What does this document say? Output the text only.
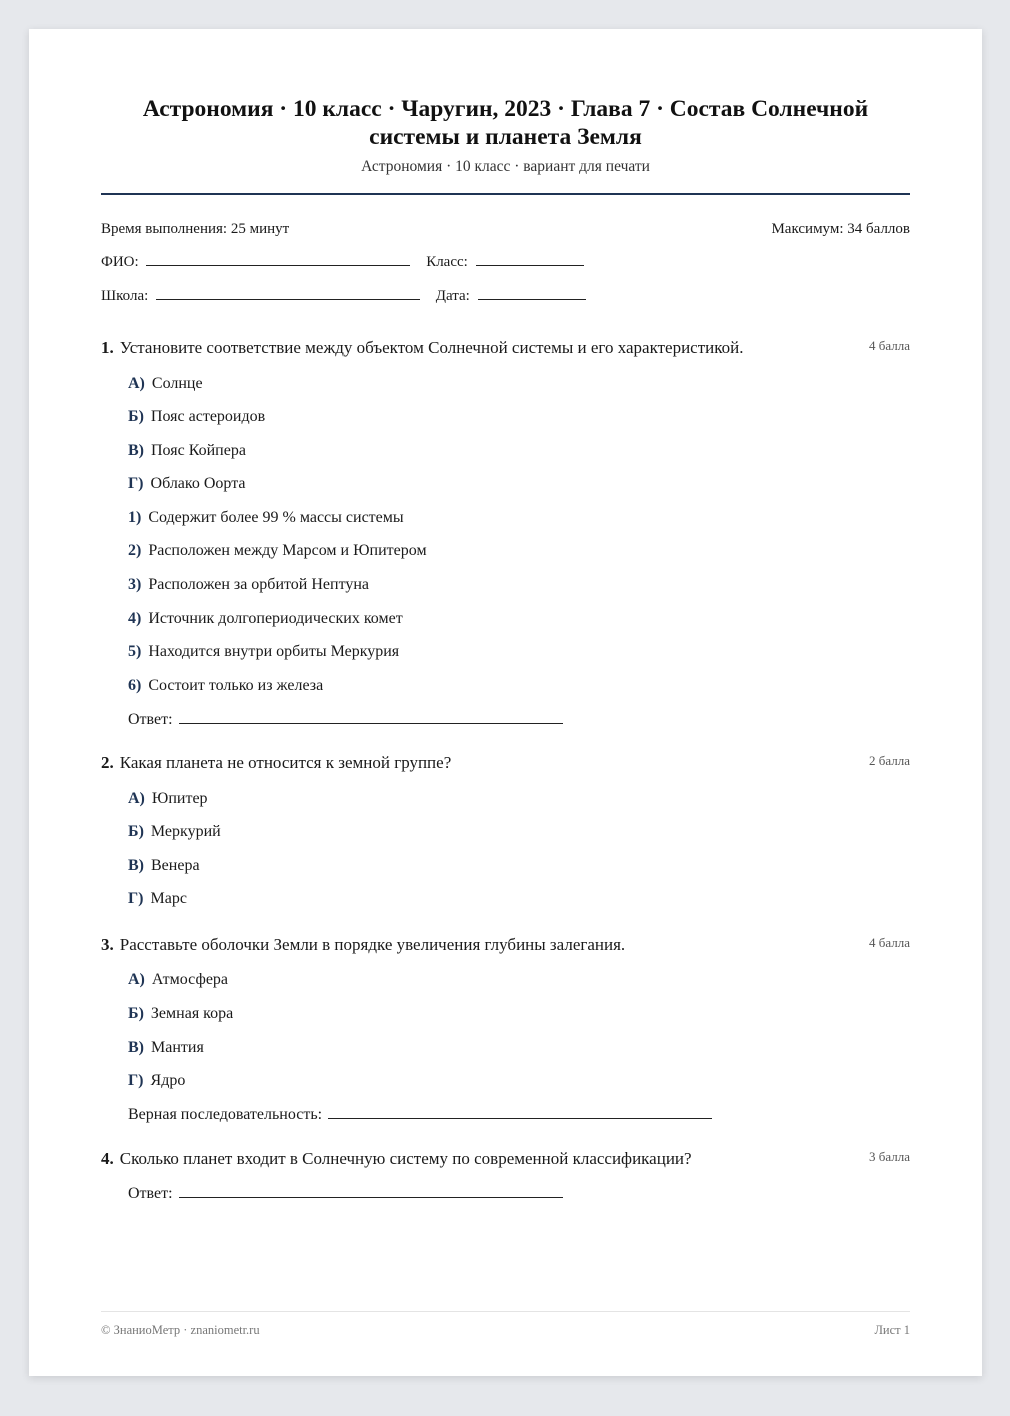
Астрономия · 10 класс · Чаругин, 2023 · Глава 7 · Состав Солнечной системы и планета Земля
Астрономия · 10 класс · вариант для печати
Время выполнения: 25 минут	Максимум: 34 баллов
ФИО:	Класс:
Школа:	Дата:
1. Установите соответствие между объектом Солнечной системы и его характеристикой.	4 балла
А) Солнце
Б) Пояс астероидов
В) Пояс Койпера
Г) Облако Оорта
1) Содержит более 99 % массы системы
2) Расположен между Марсом и Юпитером
3) Расположен за орбитой Нептуна
4) Источник долгопериодических комет
5) Находится внутри орбиты Меркурия
6) Состоит только из железа
Ответ:
2. Какая планета не относится к земной группе?	2 балла
А) Юпитер
Б) Меркурий
В) Венера
Г) Марс
3. Расставьте оболочки Земли в порядке увеличения глубины залегания.	4 балла
А) Атмосфера
Б) Земная кора
В) Мантия
Г) Ядро
Верная последовательность:
4. Сколько планет входит в Солнечную систему по современной классификации?	3 балла
Ответ:
© ЗнаниоМетр · znaniometr.ru	Лист 1
